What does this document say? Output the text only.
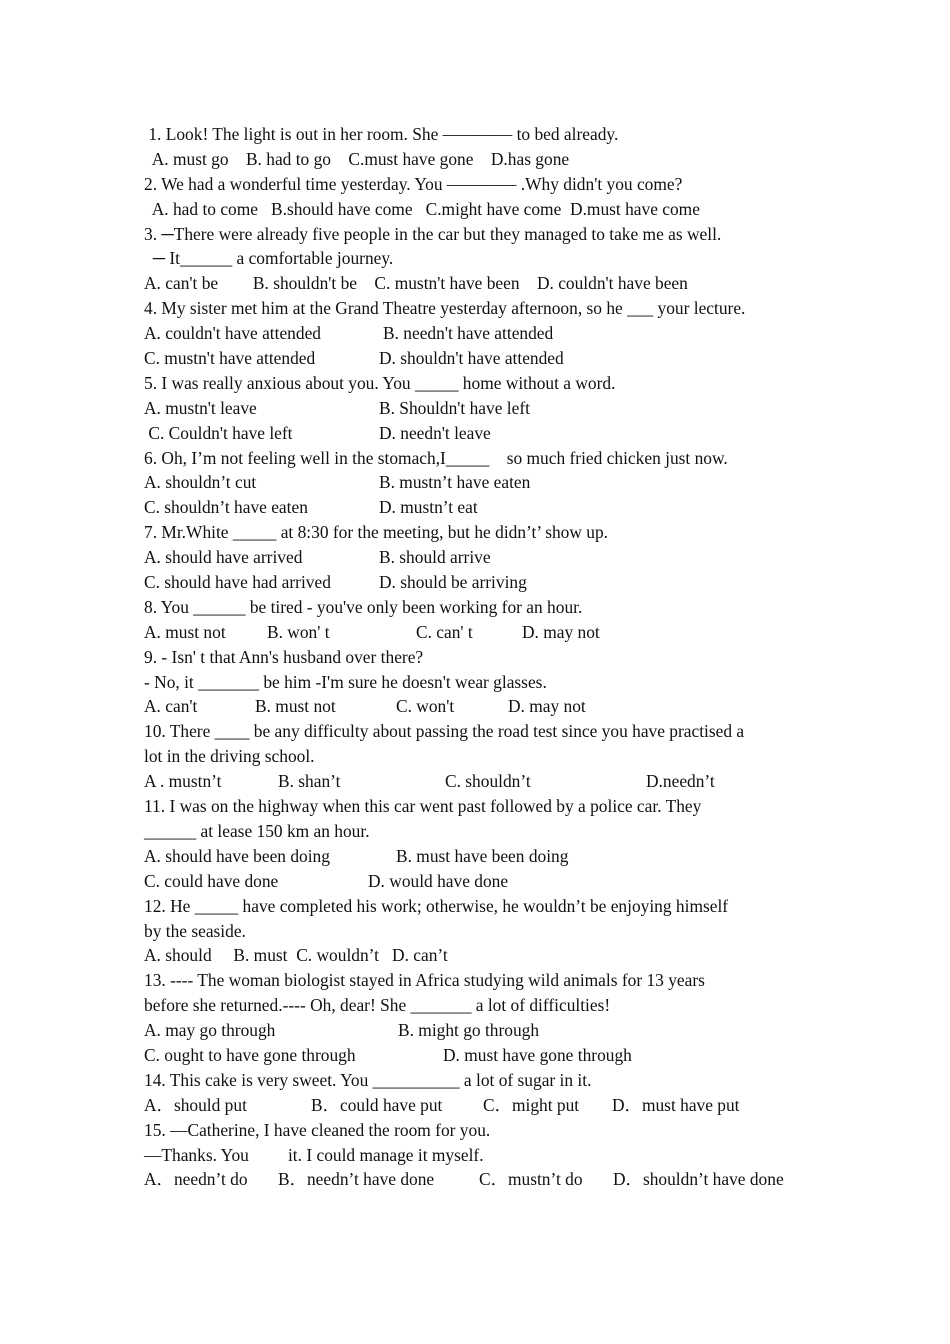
1. Look! The light is out in her room. She ———— to bed already.
A. must go B. had to go C.must have gone D.has gone
2. We had a wonderful time yesterday. You ———— .Why didn't you come?
A. had to come B.should have come C.might have come D.must have come
3. ─There were already five people in the car but they managed to take me as well.
─ It______ a comfortable journey.
A. can't be B. shouldn't be C. mustn't have been D. couldn't have been
4. My sister met him at the Grand Theatre yesterday afternoon, so he ___ your lecture.
A. couldn't have attended	B. needn't have attended
C. mustn't have attended	D. shouldn't have attended
5. I was really anxious about you. You _____ home without a word.
A. mustn't leave	B. Shouldn't have left
C. Couldn't have left	D. needn't leave
6. Oh, I’m not feeling well in the stomach,I_____    so much fried chicken just now.
A. shouldn’t cut	B. mustn’t have eaten
C. shouldn’t have eaten	D. mustn’t eat
7. Mr.White _____ at 8:30 for the meeting, but he didn’t’ show up.
A. should have arrived	B. should arrive
C. should have had arrived	D. should be arriving
8. You ______ be tired - you've only been working for an hour.
A. must not	B. won' t	C. can' t	D. may not
9. - Isn' t that Ann's husband over there?
- No, it _______ be him -I'm sure he doesn't wear glasses.
A. can't	B. must not	C. won't	D. may not
10. There ____ be any difficulty about passing the road test since you have practised a
lot in the driving school.
A . mustn’t	B. shan’t	C. shouldn’t	D.needn’t
11. I was on the highway when this car went past followed by a police car. They
______ at lease 150 km an hour.
A. should have been doing	B. must have been doing
C. could have done	D. would have done
12. He _____ have completed his work; otherwise, he wouldn’t be enjoying himself
by the seaside.
A. should B. must C. wouldn’t D. can’t
13. ---- The woman biologist stayed in Africa studying wild animals for 13 years
before she returned.---- Oh, dear! She _______ a lot of difficulties!
A. may go through	B. might go through
C. ought to have gone through	D. must have gone through
14. This cake is very sweet. You __________ a lot of sugar in it.
A．should put	B．could have put	C．might put	D．must have put
15. —Catherine, I have cleaned the room for you.
—Thanks. You         it. I could manage it myself.
A．needn’t do	B．needn’t have done	C．mustn’t do	D．shouldn’t have done
